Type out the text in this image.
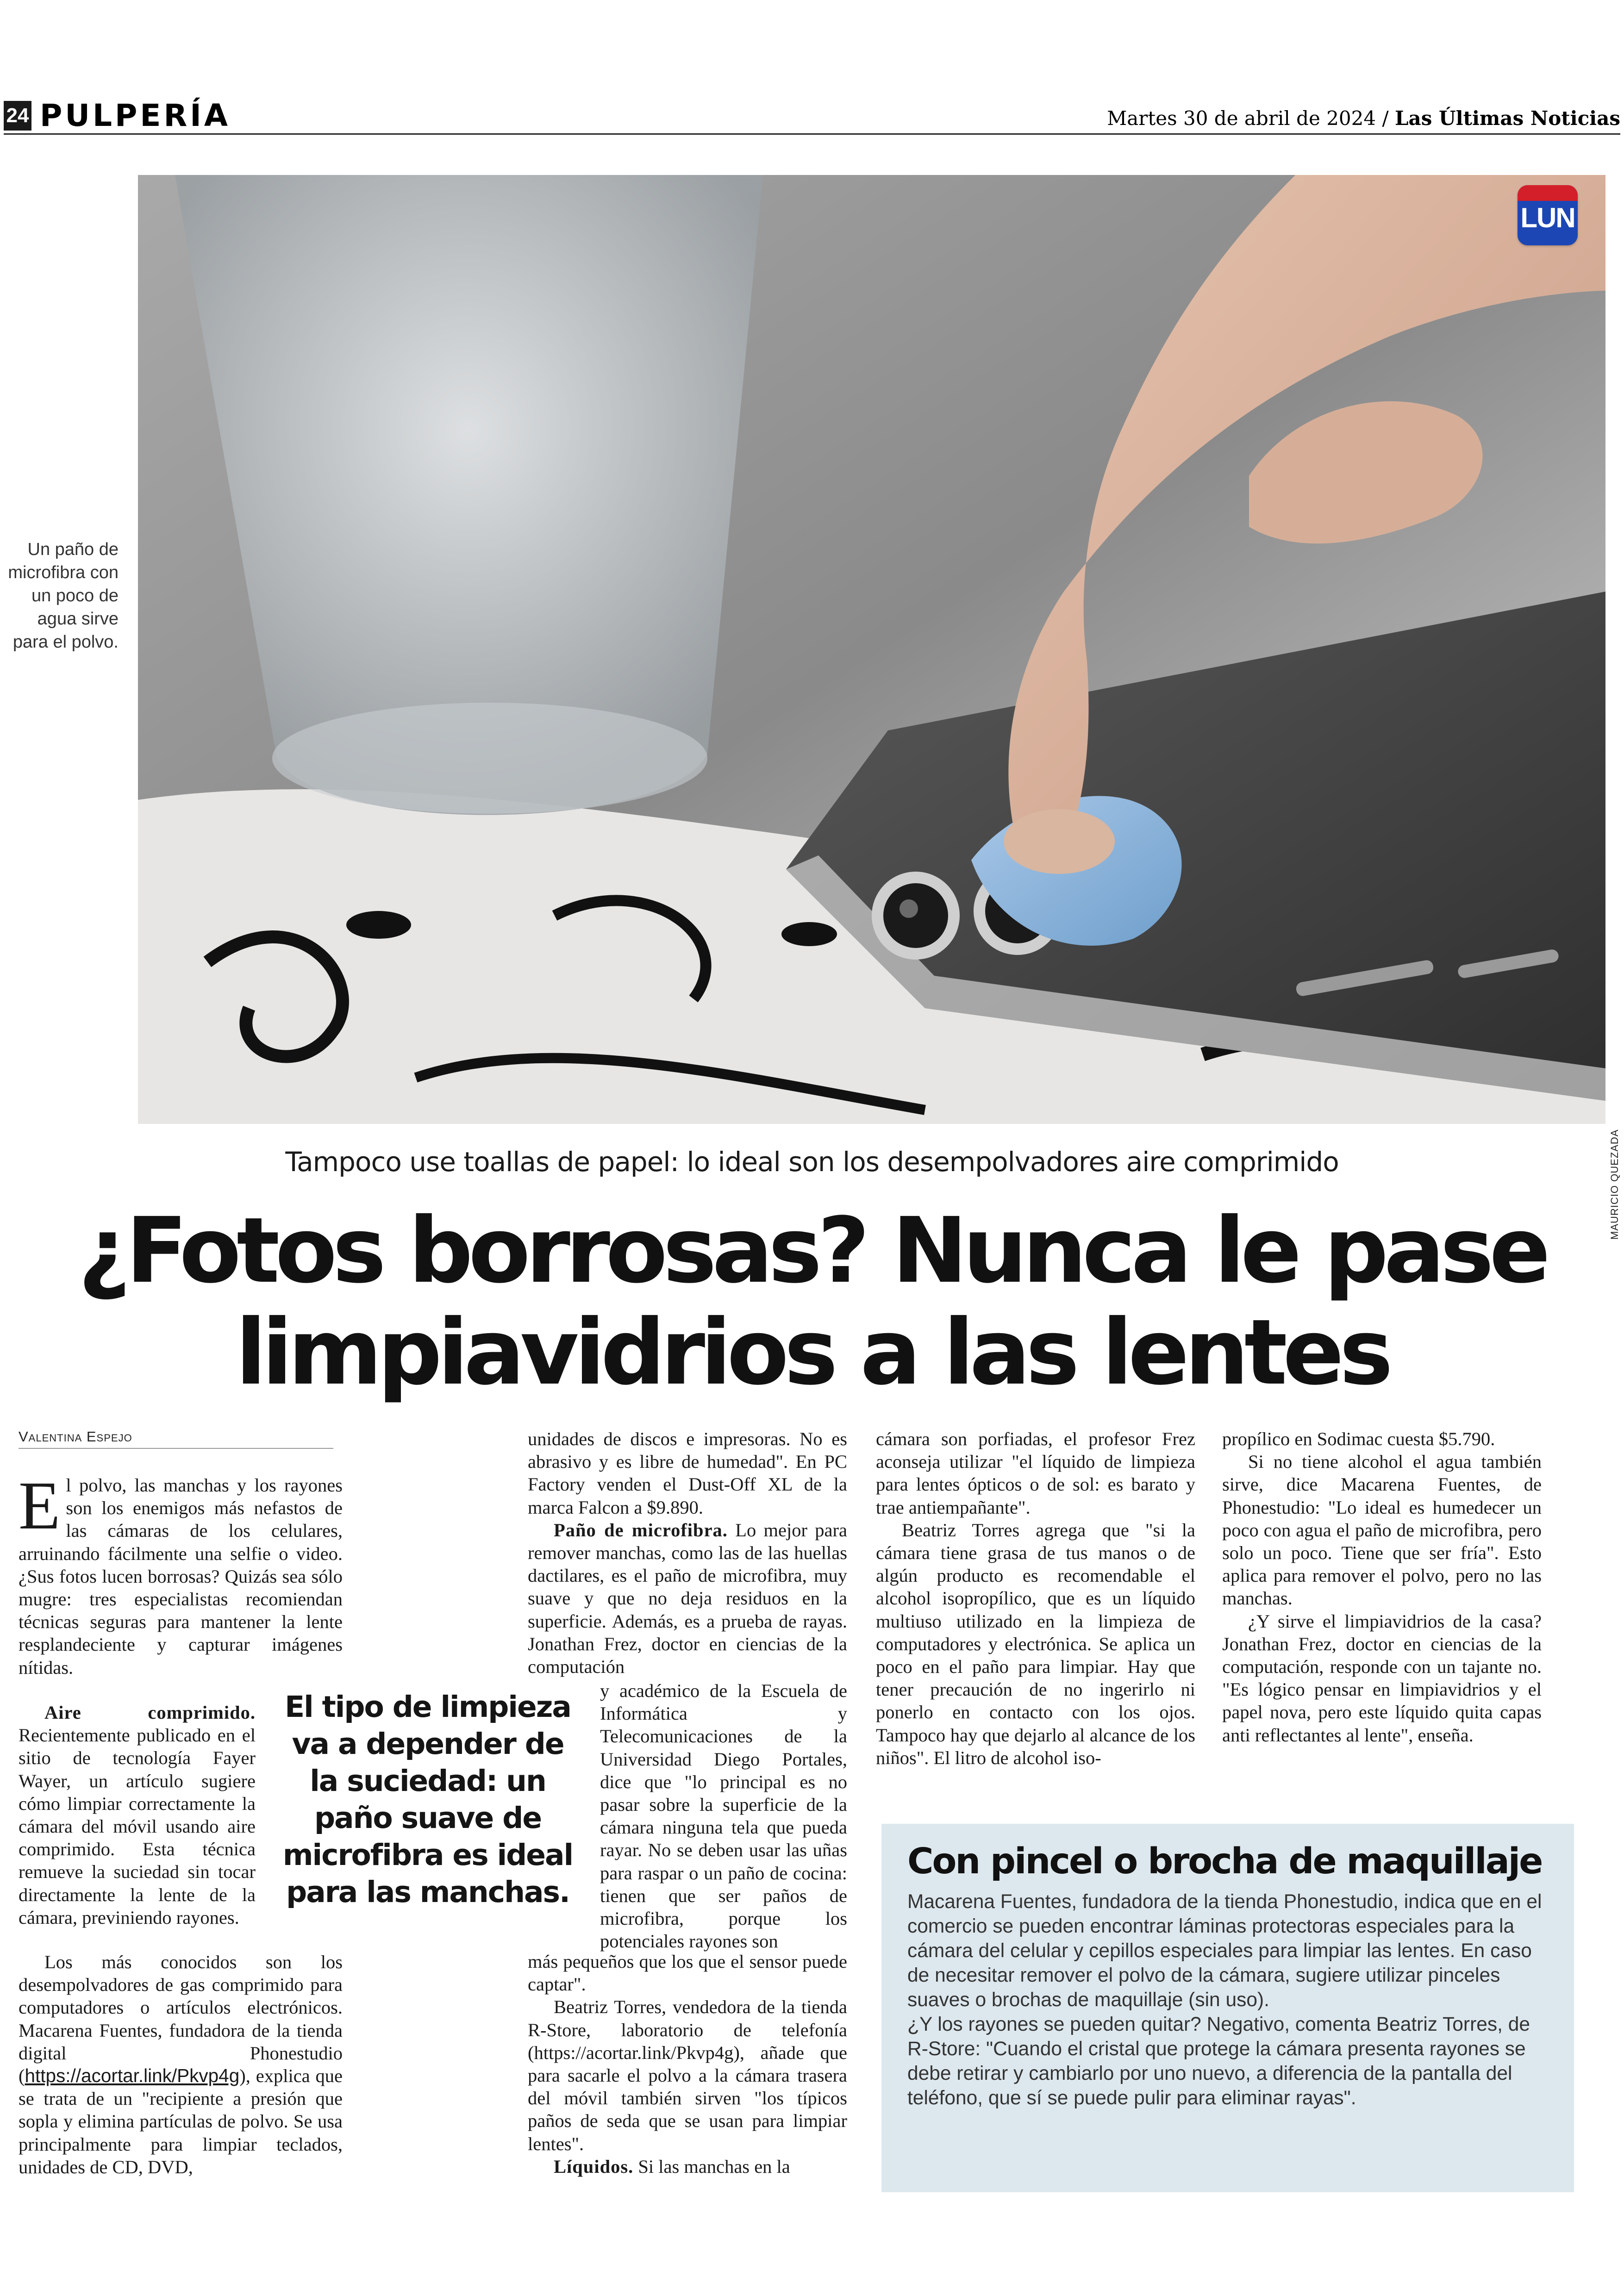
24 PULPERÍA	Martes 30 de abril de 2024 / Las Últimas Noticias
LUN
MAURICIO QUEZADA
Un paño de microfibra con un poco de agua sirve para el polvo.
Tampoco use toallas de papel: lo ideal son los desempolvadores aire comprimido
¿Fotos borrosas? Nunca le pase
limpiavidrios a las lentes
Valentina Espejo

El polvo, las manchas y los rayones son los enemigos más nefastos de las cámaras de los celulares, arruinando fácilmente una selfie o video. ¿Sus fotos lucen borrosas? Quizás sea sólo mugre: tres especialistas recomiendan técnicas seguras para mantener la lente resplandeciente y capturar imágenes nítidas.

Aire comprimido. Recientemente publicado en el sitio de tecnología Fayer Wayer, un artículo sugiere cómo limpiar correctamente la cámara del móvil usando aire comprimido. Esta técnica remueve la suciedad sin tocar directamente la lente de la cámara, previniendo rayones.

Los más conocidos son los desempolvadores de gas comprimido para computadores o artículos electrónicos. Macarena Fuentes, fundadora de la tienda digital Phonestudio (https://acortar.link/Pkvp4g), explica que se trata de un "recipiente a presión que sopla y elimina partículas de polvo. Se usa principalmente para limpiar teclados, unidades de CD, DVD,

El tipo de limpieza va a depender de la suciedad: un paño suave de microfibra es ideal para las manchas.

unidades de discos e impresoras. No es abrasivo y es libre de humedad". En PC Factory venden el Dust-Off XL de la marca Falcon a $9.890.

Paño de microfibra. Lo mejor para remover manchas, como las de las huellas dactilares, es el paño de microfibra, muy suave y que no deja residuos en la superficie. Además, es a prueba de rayas. Jonathan Frez, doctor en ciencias de la computación

y académico de la Escuela de Informática y Telecomunicaciones de la Universidad Diego Portales, dice que "lo principal es no pasar sobre la superficie de la cámara ninguna tela que pueda rayar. No se deben usar las uñas para raspar o un paño de cocina: tienen que ser paños de microfibra, porque los potenciales rayones son

más pequeños que los que el sensor puede captar".

Beatriz Torres, vendedora de la tienda R-Store, laboratorio de telefonía (https://acortar.link/Pkvp4g), añade que para sacarle el polvo a la cámara trasera del móvil también sirven "los típicos paños de seda que se usan para limpiar lentes".

Líquidos. Si las manchas en la

cámara son porfiadas, el profesor Frez aconseja utilizar "el líquido de limpieza para lentes ópticos o de sol: es barato y trae antiempañante".

Beatriz Torres agrega que "si la cámara tiene grasa de tus manos o de algún producto es recomendable el alcohol isopropílico, que es un líquido multiuso utilizado en la limpieza de computadores y electrónica. Se aplica un poco en el paño para limpiar. Hay que tener precaución de no ingerirlo ni ponerlo en contacto con los ojos. Tampoco hay que dejarlo al alcance de los niños". El litro de alcohol iso-

propílico en Sodimac cuesta $5.790.

Si no tiene alcohol el agua también sirve, dice Macarena Fuentes, de Phonestudio: "Lo ideal es humedecer un poco con agua el paño de microfibra, pero solo un poco. Tiene que ser fría". Esto aplica para remover el polvo, pero no las manchas.

¿Y sirve el limpiavidrios de la casa? Jonathan Frez, doctor en ciencias de la computación, responde con un tajante no. "Es lógico pensar en limpiavidrios y el papel nova, pero este líquido quita capas anti reflectantes al lente", enseña.

Con pincel o brocha de maquillaje

Macarena Fuentes, fundadora de la tienda Phonestudio, indica que en el comercio se pueden encontrar láminas protectoras especiales para la cámara del celular y cepillos especiales para limpiar las lentes. En caso de necesitar remover el polvo de la cámara, sugiere utilizar pinceles suaves o brochas de maquillaje (sin uso).

¿Y los rayones se pueden quitar? Negativo, comenta Beatriz Torres, de R-Store: "Cuando el cristal que protege la cámara presenta rayones se debe retirar y cambiarlo por uno nuevo, a diferencia de la pantalla del teléfono, que sí se puede pulir para eliminar rayas".
